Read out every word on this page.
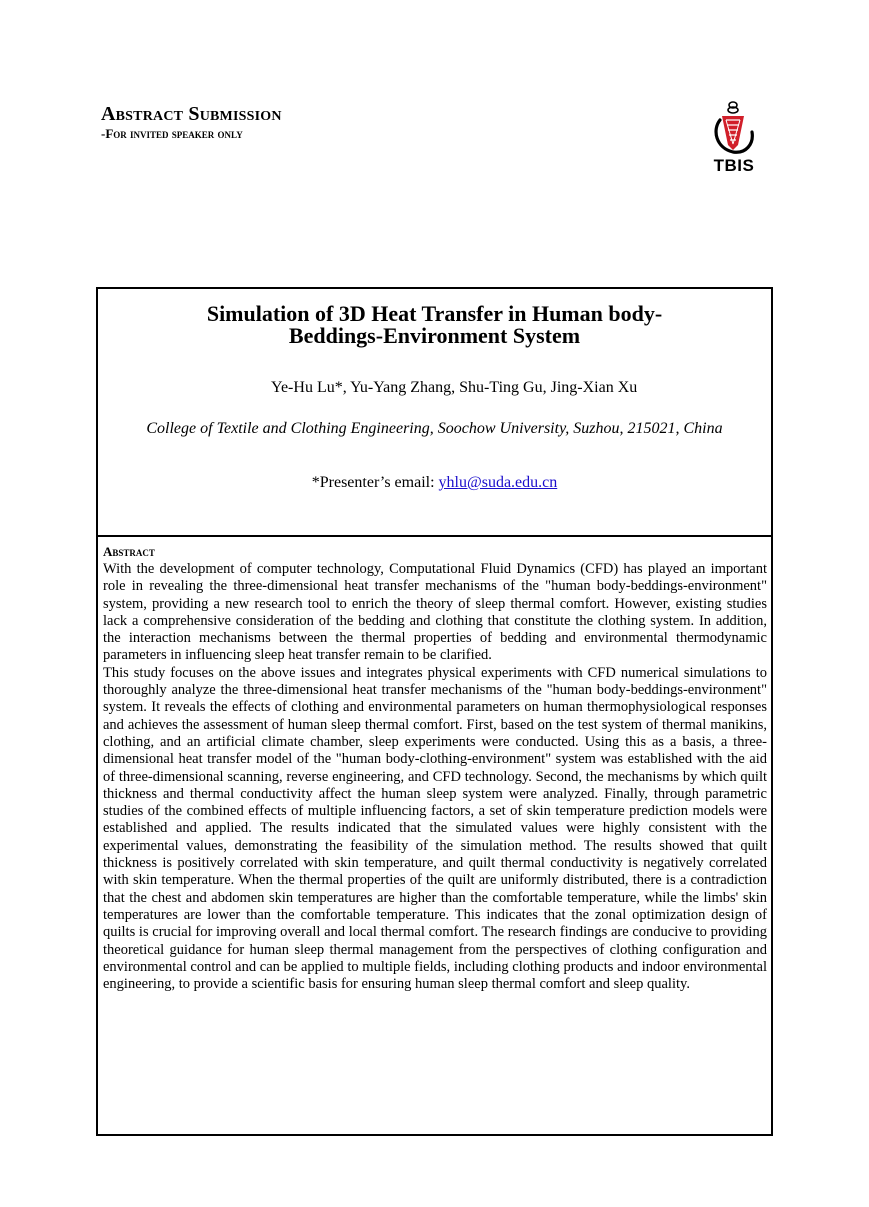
Abstract Submission
-For invited speaker only
TBIS
Simulation of 3D Heat Transfer in Human body-Beddings-Environment System
Ye-Hu Lu*, Yu-Yang Zhang, Shu-Ting Gu, Jing-Xian Xu
College of Textile and Clothing Engineering, Soochow University, Suzhou, 215021, China
*Presenter’s email: yhlu@suda.edu.cn
Abstract

With the development of computer technology, Computational Fluid Dynamics (CFD) has played an important role in revealing the three-dimensional heat transfer mechanisms of the "human body-beddings-environment" system, providing a new research tool to enrich the theory of sleep thermal comfort. However, existing studies lack a comprehensive consideration of the bedding and clothing that constitute the clothing system. In addition, the interaction mechanisms between the thermal properties of bedding and environmental thermodynamic parameters in influencing sleep heat transfer remain to be clarified.

This study focuses on the above issues and integrates physical experiments with CFD numerical simulations to thoroughly analyze the three-dimensional heat transfer mechanisms of the "human body-beddings-environment" system. It reveals the effects of clothing and environmental parameters on human thermophysiological responses and achieves the assessment of human sleep thermal comfort. First, based on the test system of thermal manikins, clothing, and an artificial climate chamber, sleep experiments were conducted. Using this as a basis, a three-dimensional heat transfer model of the "human body-clothing-environment" system was established with the aid of three-dimensional scanning, reverse engineering, and CFD technology. Second, the mechanisms by which quilt thickness and thermal conductivity affect the human sleep system were analyzed. Finally, through parametric studies of the combined effects of multiple influencing factors, a set of skin temperature prediction models were established and applied. The results indicated that the simulated values were highly consistent with the experimental values, demonstrating the feasibility of the simulation method. The results showed that quilt thickness is positively correlated with skin temperature, and quilt thermal conductivity is negatively correlated with skin temperature. When the thermal properties of the quilt are uniformly distributed, there is a contradiction that the chest and abdomen skin temperatures are higher than the comfortable temperature, while the limbs' skin temperatures are lower than the comfortable temperature. This indicates that the zonal optimization design of quilts is crucial for improving overall and local thermal comfort. The research findings are conducive to providing theoretical guidance for human sleep thermal management from the perspectives of clothing configuration and environmental control and can be applied to multiple fields, including clothing products and indoor environmental engineering, to provide a scientific basis for ensuring human sleep thermal comfort and sleep quality.
